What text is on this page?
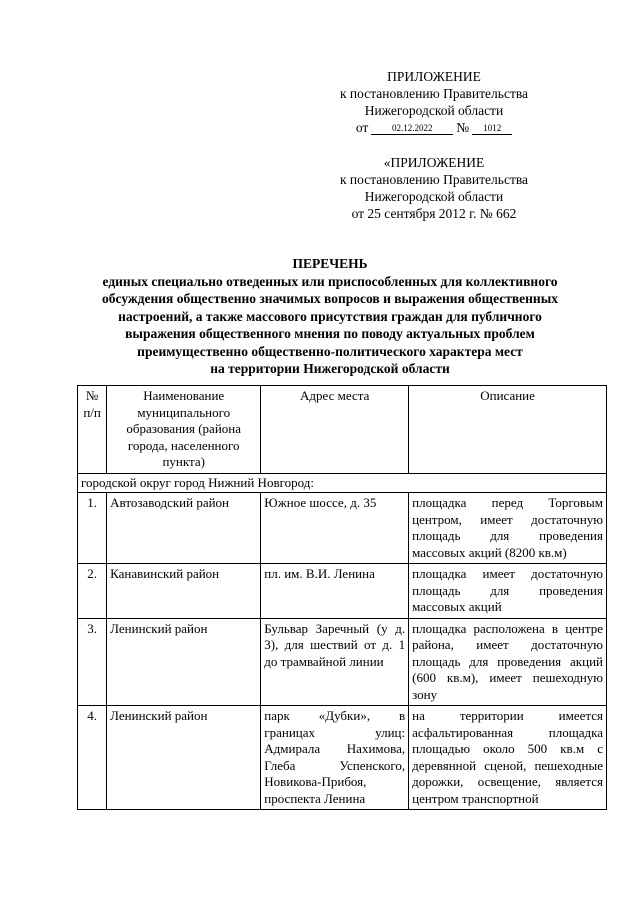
ПРИЛОЖЕНИЕ
к постановлению Правительства
Нижегородской области
от	02.12.2022 № 1012
«ПРИЛОЖЕНИЕ
к постановлению Правительства
Нижегородской области
от 25 сентября 2012 г. № 662
ПЕРЕЧЕНЬ
единых специально отведенных или приспособленных для коллективного
обсуждения общественно значимых вопросов и выражения общественных
настроений, а также массового присутствия граждан для публичного
выражения общественного мнения по поводу актуальных проблем
преимущественно общественно-политического характера мест
на территории Нижегородской области
№ п/п	Наименование муниципального образования (района города, населенного пункта)	Адрес места	Описание
городской округ город Нижний Новгород:			
1.	Автозаводский район	Южное шоссе, д. 35	площадка перед Торговым центром, имеет достаточную площадь для проведения массовых акций (8200 кв.м)
2.	Канавинский район	пл. им. В.И. Ленина	площадка имеет достаточную площадь для проведения массовых акций
3.	Ленинский район	Бульвар Заречный (у д. 3), для шествий от д. 1 до трамвайной линии	площадка расположена в центре района, имеет достаточную площадь для проведения акций (600 кв.м), имеет пешеходную зону
4.	Ленинский район	парк «Дубки», в границах улиц: Адмирала Нахимова, Глеба Успенского, Новикова-Прибоя, проспекта Ленина	на территории имеется асфальтированная площадка площадью около 500 кв.м с деревянной сценой, пешеходные дорожки, освещение, является центром транспортной
